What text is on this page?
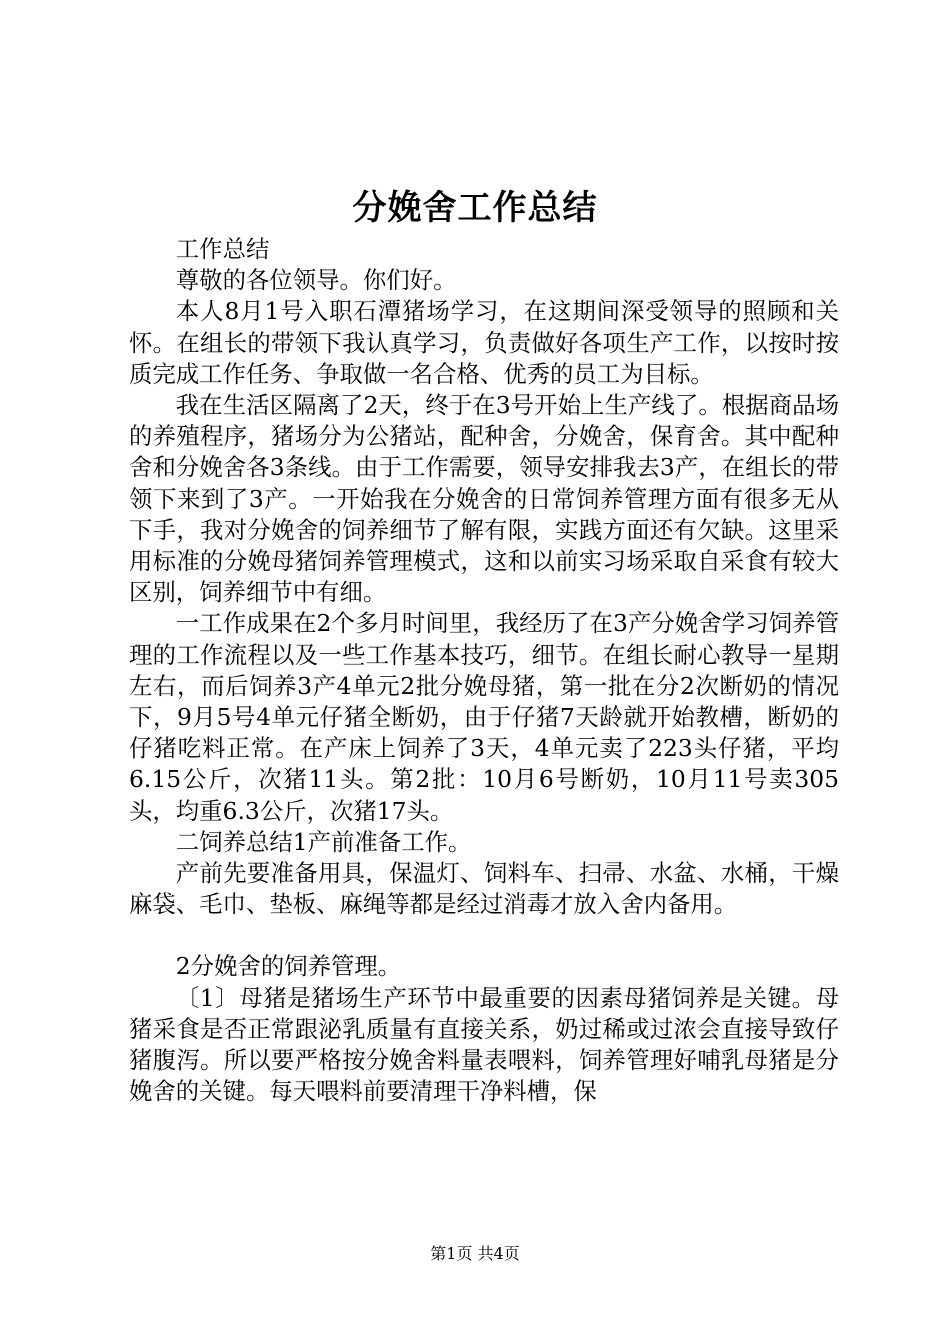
分娩舍工作总结

工作总结

尊敬的各位领导。你们好。

本人8月1号入职石潭猪场学习，在这期间深受领导的照顾和关怀。在组长的带领下我认真学习，负责做好各项生产工作，以按时按质完成工作任务、争取做一名合格、优秀的员工为目标。

我在生活区隔离了2天，终于在3号开始上生产线了。根据商品场的养殖程序，猪场分为公猪站，配种舍，分娩舍，保育舍。其中配种舍和分娩舍各3条线。由于工作需要，领导安排我去3产，在组长的带领下来到了3产。一开始我在分娩舍的日常饲养管理方面有很多无从下手，我对分娩舍的饲养细节了解有限，实践方面还有欠缺。这里采用标准的分娩母猪饲养管理模式，这和以前实习场采取自采食有较大区别，饲养细节中有细。

一工作成果在2个多月时间里，我经历了在3产分娩舍学习饲养管理的工作流程以及一些工作基本技巧，细节。在组长耐心教导一星期左右，而后饲养3产4单元2批分娩母猪，第一批在分2次断奶的情况下，9月5号4单元仔猪全断奶，由于仔猪7天龄就开始教槽，断奶的仔猪吃料正常。在产床上饲养了3天，4单元卖了223头仔猪，平均6.15公斤，次猪11头。第2批：10月6号断奶，10月11号卖305头，均重6.3公斤，次猪17头。

二饲养总结1产前准备工作。

产前先要准备用具，保温灯、饲料车、扫帚、水盆、水桶，干燥麻袋、毛巾、垫板、麻绳等都是经过消毒才放入舍内备用。

2分娩舍的饲养管理。

〔1〕母猪是猪场生产环节中最重要的因素母猪饲养是关键。母猪采食是否正常跟泌乳质量有直接关系，奶过稀或过浓会直接导致仔猪腹泻。所以要严格按分娩舍料量表喂料，饲养管理好哺乳母猪是分娩舍的关键。每天喂料前要清理干净料槽，保

第1页 共4页
